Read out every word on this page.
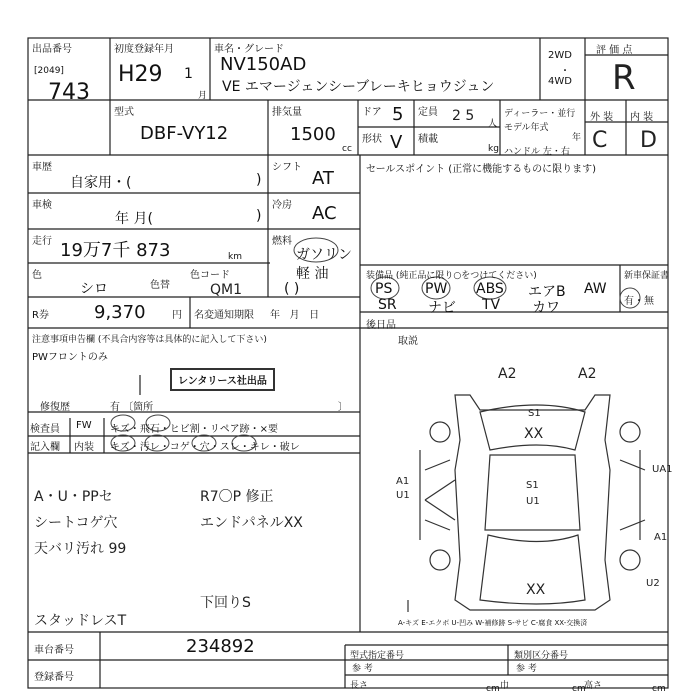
出品番号
[2049]
743
初度登録年月
H29 1
月
車名・グレード
NV150AD
VE エマージェンシーブレーキヒョウジュン
2WD
・
4WD
評 価 点
R
型式
DBF-VY12
排気量
1500
cc
ドア 5 定員 2 5 人
形状 V 積載
kg
ディーラー・並行
モデル年式
年
ハンドル 左・右
外 装 内 装
C D
車歴
自家用・(	)
シフト
AT
車検
年 月(	)
冷房 AC
走行 19万7千 873	km
燃料
ガソリン
軽 油
( )
色
シロ	色替
色コード
QM1
R券	9,370	円 名変通知期限 年   月   日
セールスポイント (正常に機能するものに限ります)
装備品 (純正品に限り○をつけてください)
PS PW ABS エアB AW
SR ナビ TV カワ
新車保証書
有・無
後日品
取説
注意事項申告欄 (不具合内容等は具体的に記入して下さい)
PWフロントのみ
レンタリース社出品
修復歴	有 〔箇所	〕
検査員
記入欄
FW
内装
キズ・飛石・ヒビ割・リペア跡・×要
キズ・汚レ・コゲ・穴・スレ・キレ・破レ
A・U・PPセ
シートコゲ穴
天バリ汚れ 99
スタッドレスT
R7〇P 修正
エンドパネルXX
下回りS
A2	A2
S1
XX
S1
U1
A1
U1
UA1
A1
U2
XX
A-キズ E-エクボ U-凹み W-補修跡 S-サビ C-腐食 XX-交換済
車台番号	234892
登録番号
型式指定番号
参 考
類別区分番号
参 考
長さ	cm 巾	cm
高さ	cm
